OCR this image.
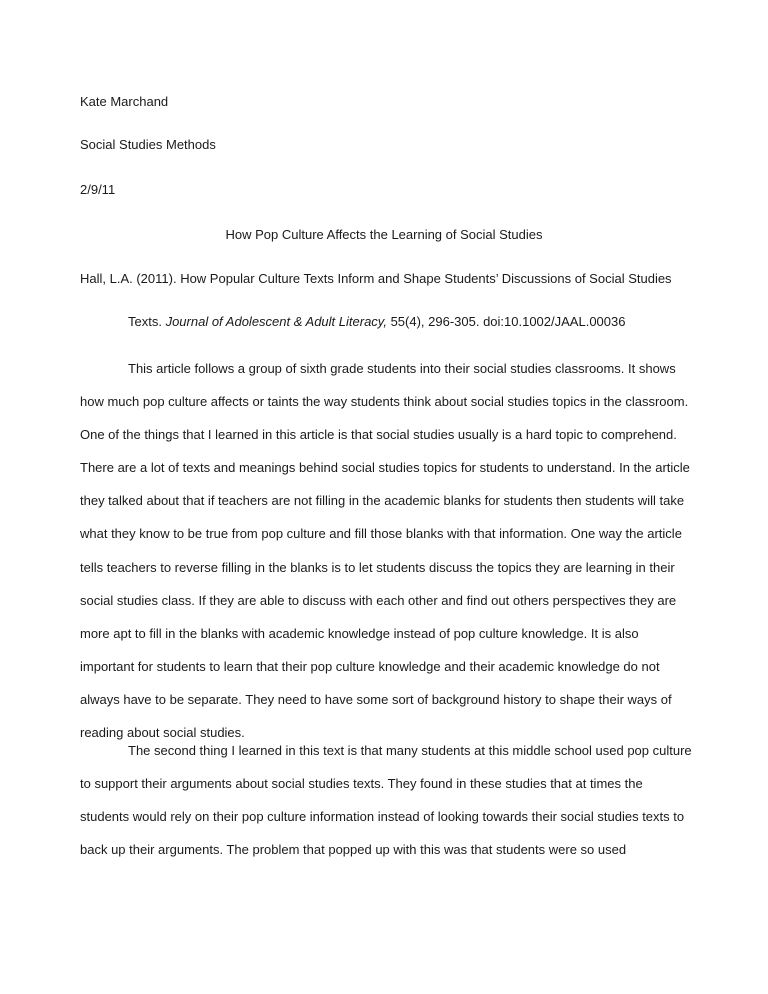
Kate Marchand

Social Studies Methods

2/9/11

How Pop Culture Affects the Learning of Social Studies

Hall, L.A. (2011). How Popular Culture Texts Inform and Shape Students’ Discussions of Social Studies

Texts. Journal of Adolescent & Adult Literacy, 55(4), 296-305. doi:10.1002/JAAL.00036

This article follows a group of sixth grade students into their social studies classrooms. It shows how much pop culture affects or taints the way students think about social studies topics in the classroom. One of the things that I learned in this article is that social studies usually is a hard topic to comprehend. There are a lot of texts and meanings behind social studies topics for students to understand. In the article they talked about that if teachers are not filling in the academic blanks for students then students will take what they know to be true from pop culture and fill those blanks with that information. One way the article tells teachers to reverse filling in the blanks is to let students discuss the topics they are learning in their social studies class. If they are able to discuss with each other and find out others perspectives they are more apt to fill in the blanks with academic knowledge instead of pop culture knowledge. It is also important for students to learn that their pop culture knowledge and their academic knowledge do not always have to be separate. They need to have some sort of background history to shape their ways of reading about social studies.

The second thing I learned in this text is that many students at this middle school used pop culture to support their arguments about social studies texts. They found in these studies that at times the students would rely on their pop culture information instead of looking towards their social studies texts to back up their arguments. The problem that popped up with this was that students were so used
